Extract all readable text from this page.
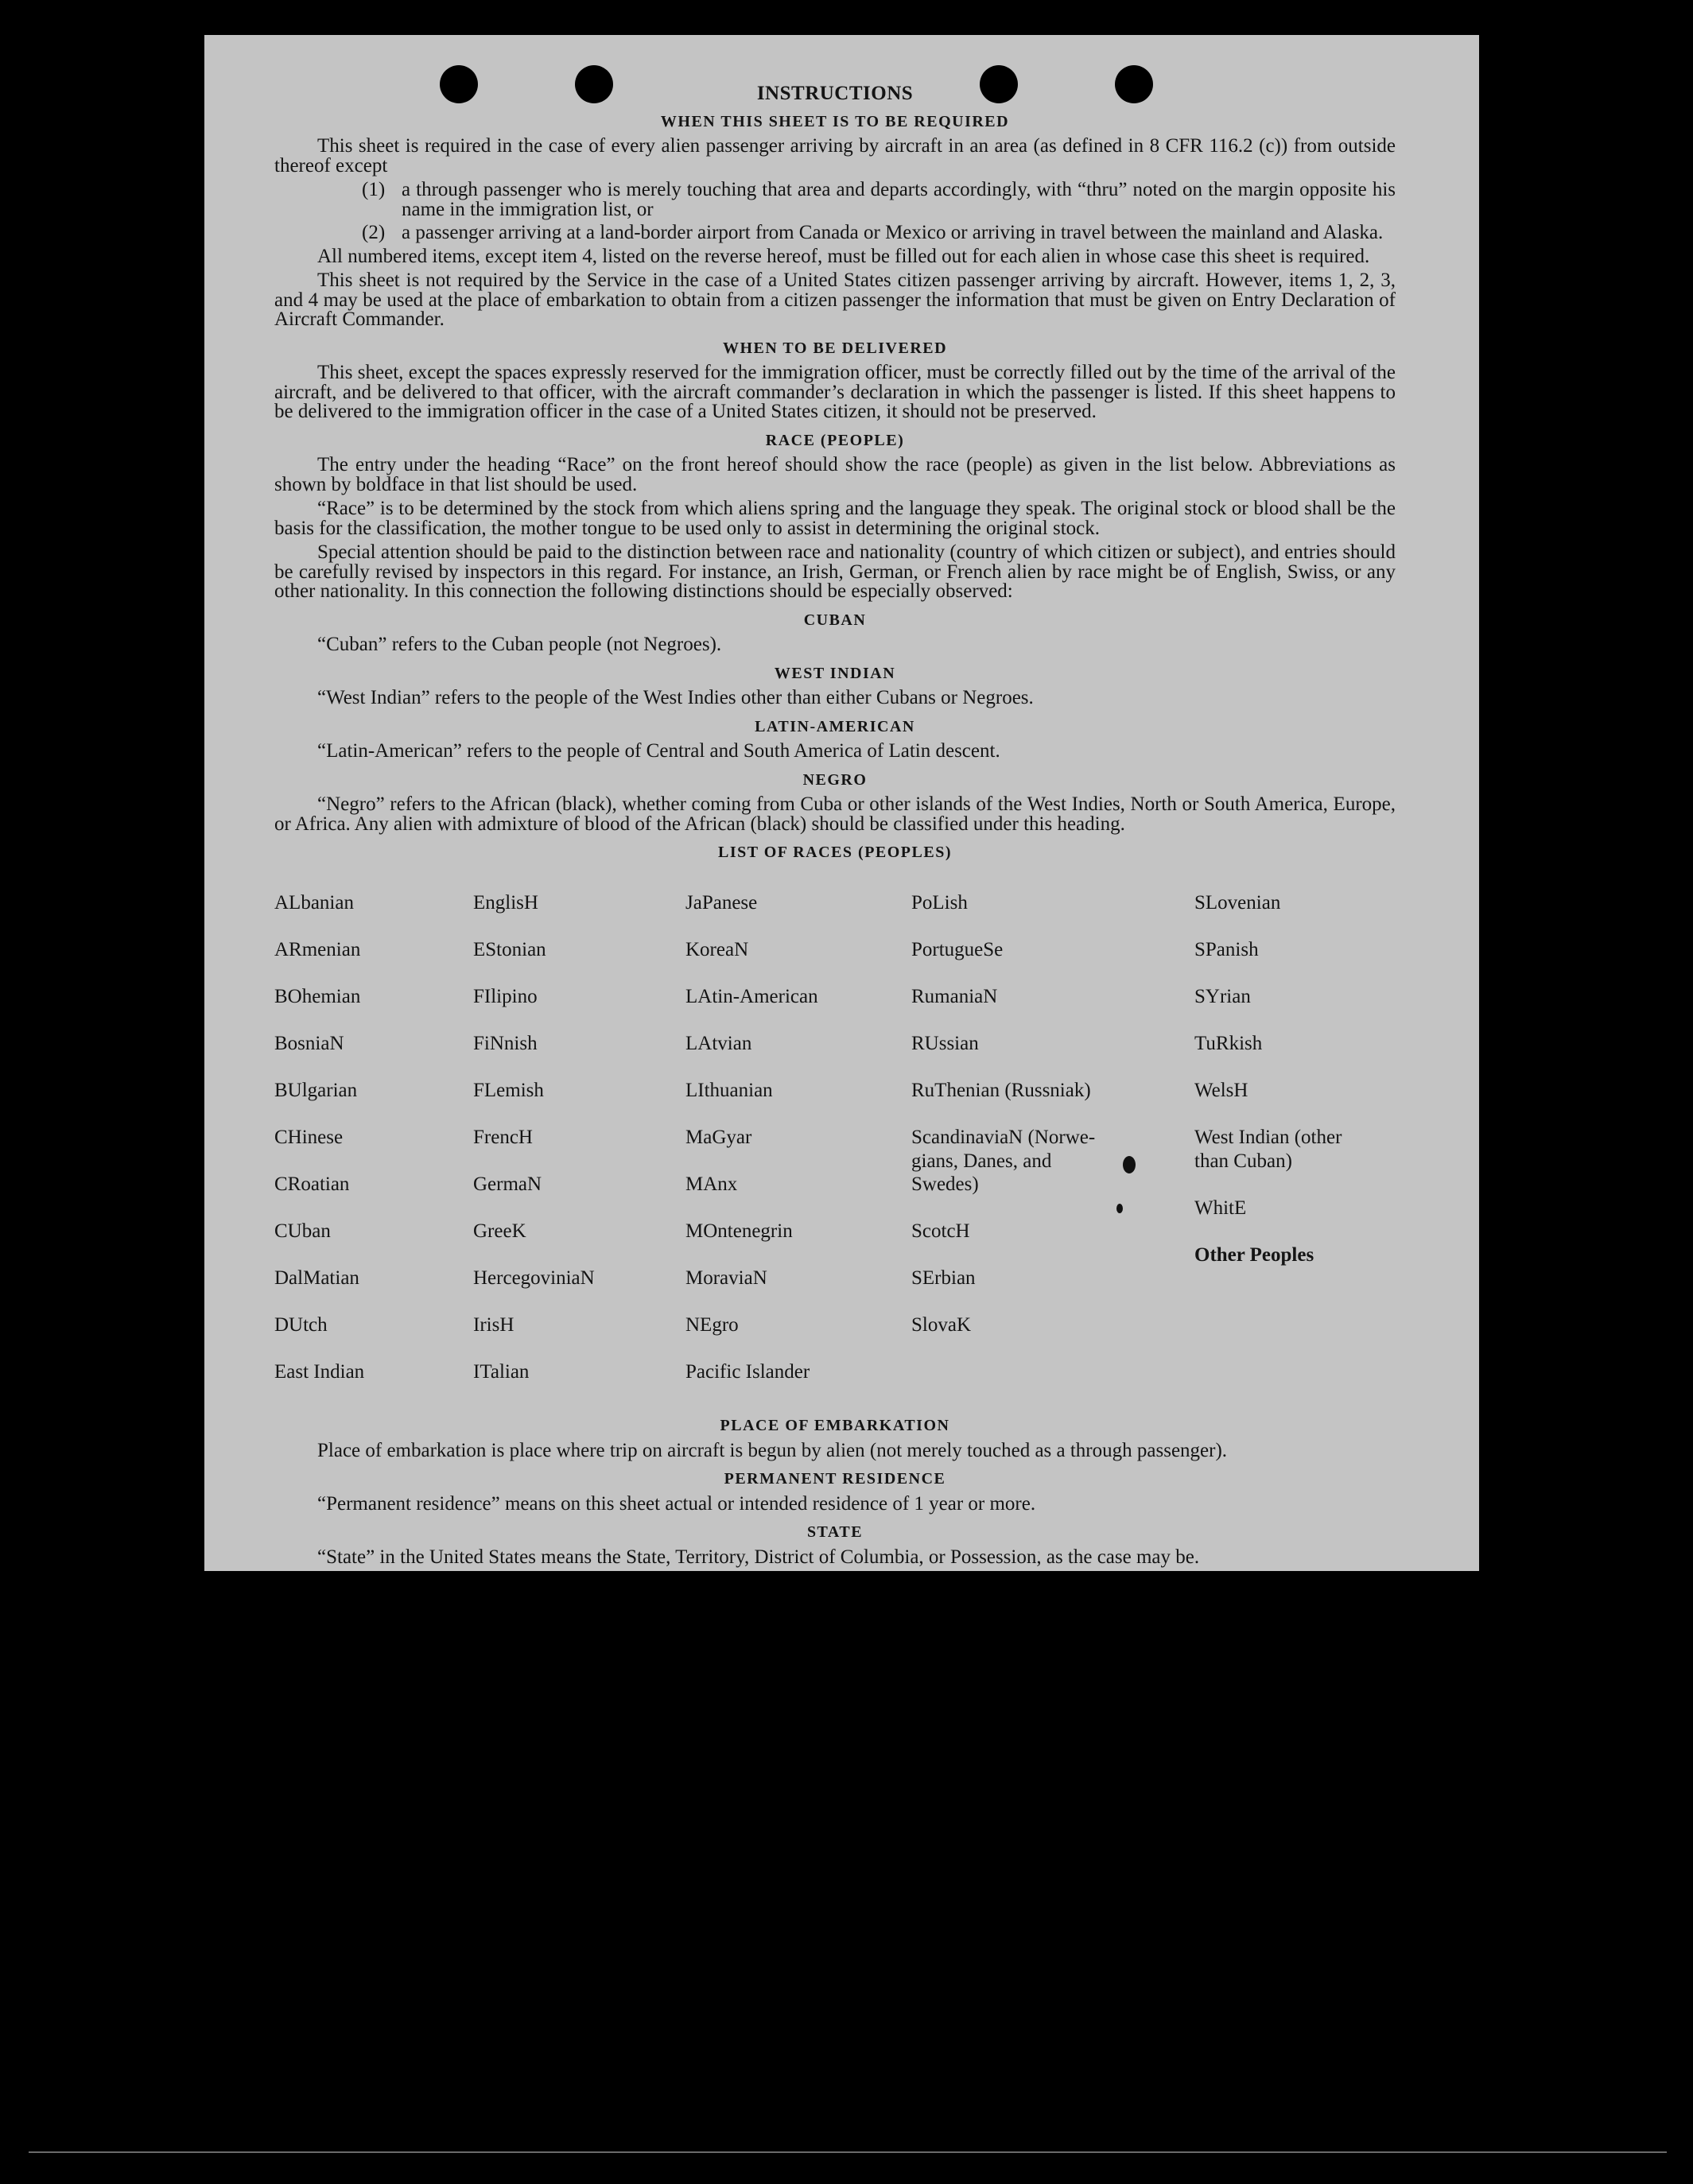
INSTRUCTIONS
WHEN THIS SHEET IS TO BE REQUIRED

This sheet is required in the case of every alien passenger arriving by aircraft in an area (as defined in 8 CFR 116.2 (c)) from outside thereof except

(1) a through passenger who is merely touching that area and departs accordingly, with “thru” noted on the margin opposite his name in the immigration list, or
(2) a passenger arriving at a land-border airport from Canada or Mexico or arriving in travel between the mainland and Alaska.

All numbered items, except item 4, listed on the reverse hereof, must be filled out for each alien in whose case this sheet is required.

This sheet is not required by the Service in the case of a United States citizen passenger arriving by aircraft. However, items 1, 2, 3, and 4 may be used at the place of embarkation to obtain from a citizen passenger the information that must be given on Entry Declaration of Aircraft Commander.

WHEN TO BE DELIVERED

This sheet, except the spaces expressly reserved for the immigration officer, must be correctly filled out by the time of the arrival of the aircraft, and be delivered to that officer, with the aircraft commander’s declaration in which the passenger is listed. If this sheet happens to be delivered to the immigration officer in the case of a United States citizen, it should not be preserved.

RACE (PEOPLE)

The entry under the heading “Race” on the front hereof should show the race (people) as given in the list below. Abbreviations as shown by boldface in that list should be used.

“Race” is to be determined by the stock from which aliens spring and the language they speak. The original stock or blood shall be the basis for the classification, the mother tongue to be used only to assist in determining the original stock.

Special attention should be paid to the distinction between race and nationality (country of which citizen or subject), and entries should be carefully revised by inspectors in this regard. For instance, an Irish, German, or French alien by race might be of English, Swiss, or any other nationality. In this connection the following distinctions should be especially observed:

CUBAN

“Cuban” refers to the Cuban people (not Negroes).

WEST INDIAN

“West Indian” refers to the people of the West Indies other than either Cubans or Negroes.

LATIN-AMERICAN

“Latin-American” refers to the people of Central and South America of Latin descent.

NEGRO

“Negro” refers to the African (black), whether coming from Cuba or other islands of the West Indies, North or South America, Europe, or Africa. Any alien with admixture of blood of the African (black) should be classified under this heading.

LIST OF RACES (PEOPLES)

ALbanian

ARmenian

BOhemian

BosniaN

BUlgarian

CHinese

CRoatian

CUban

DalMatian

DUtch

East Indian

EnglisH

EStonian

FIlipino

FiNnish

FLemish

FrencH

GermaN

GreeK

HercegoviniaN

IrisH

ITalian

JaPanese

KoreaN

LAtin-American

LAtvian

LIthuanian

MaGyar

MAnx

MOntenegrin

MoraviaN

NEgro

Pacific Islander

PoLish

PortugueSe

RumaniaN

RUssian

RuThenian (Russniak)

ScandinaviaN (Norwe-
gians, Danes, and
Swedes)

ScotcH

SErbian

SlovaK

SLovenian

SPanish

SYrian

TuRkish

WelsH

West Indian (other
than Cuban)

WhitE

Other Peoples

PLACE OF EMBARKATION

Place of embarkation is place where trip on aircraft is begun by alien (not merely touched as a through passenger).

PERMANENT RESIDENCE

“Permanent residence” means on this sheet actual or intended residence of 1 year or more.

STATE

“State” in the United States means the State, Territory, District of Columbia, or Possession, as the case may be.
